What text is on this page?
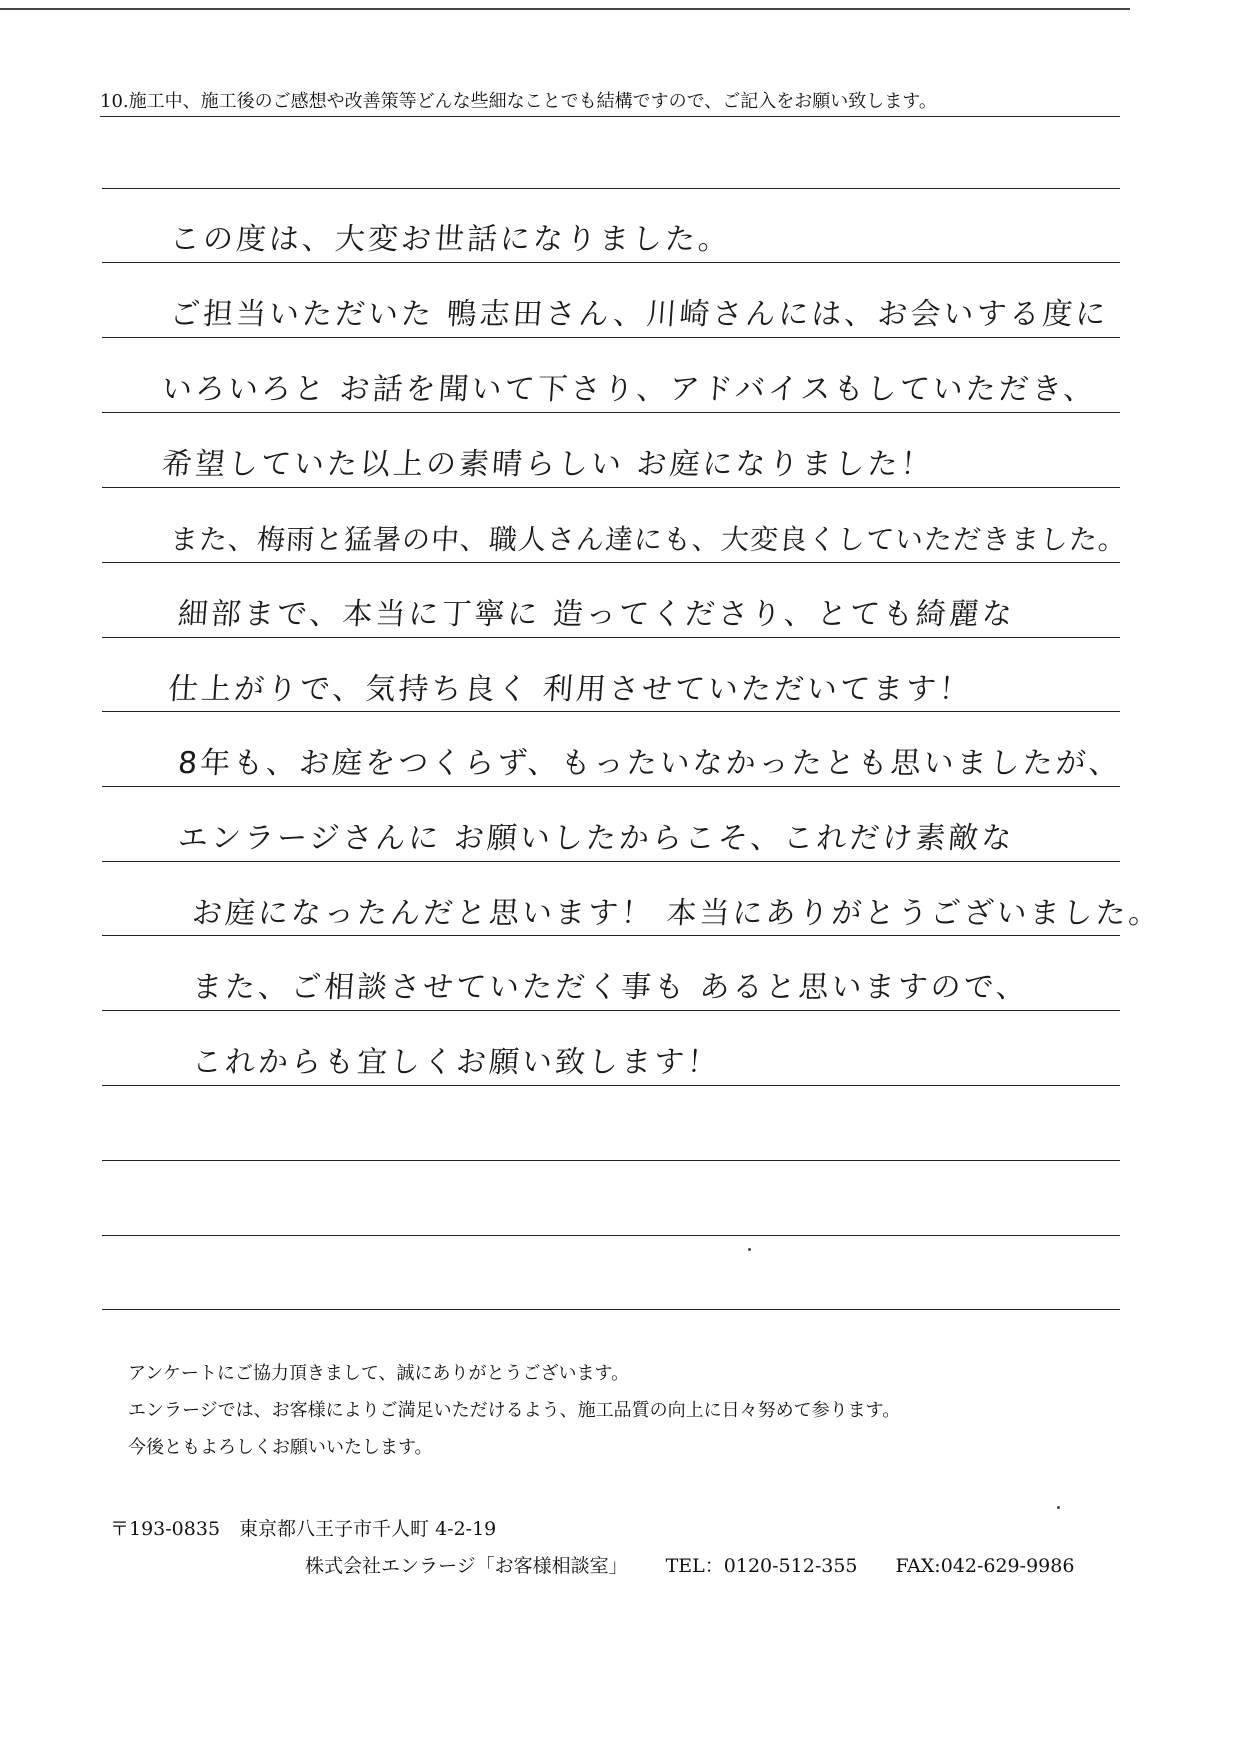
10.施工中、施工後のご感想や改善策等どんな些細なことでも結構ですので、ご記入をお願い致します。
この度は、大変お世話になりました。
ご担当いただいた 鴨志田さん、川崎さんには、お会いする度に
いろいろと お話を聞いて下さり、アドバイスもしていただき、
希望していた以上の素晴らしい お庭になりました！
また、梅雨と猛暑の中、職人さん達にも、大変良くしていただきました。
細部まで、本当に丁寧に 造ってくださり、とても綺麗な
仕上がりで、気持ち良く 利用させていただいてます！
8年も、お庭をつくらず、もったいなかったとも思いましたが、
エンラージさんに お願いしたからこそ、これだけ素敵な
お庭になったんだと思います！ 本当にありがとうございました。
また、ご相談させていただく事も あると思いますので、
これからも宜しくお願い致します！
アンケートにご協力頂きまして、誠にありがとうございます。
エンラージでは、お客様によりご満足いただけるよう、施工品質の向上に日々努めて参ります。
今後ともよろしくお願いいたします。
〒193-0835　東京都八王子市千人町 4-2-19
株式会社エンラージ「お客様相談室」 TEL：0120-512-355 FAX:042-629-9986
